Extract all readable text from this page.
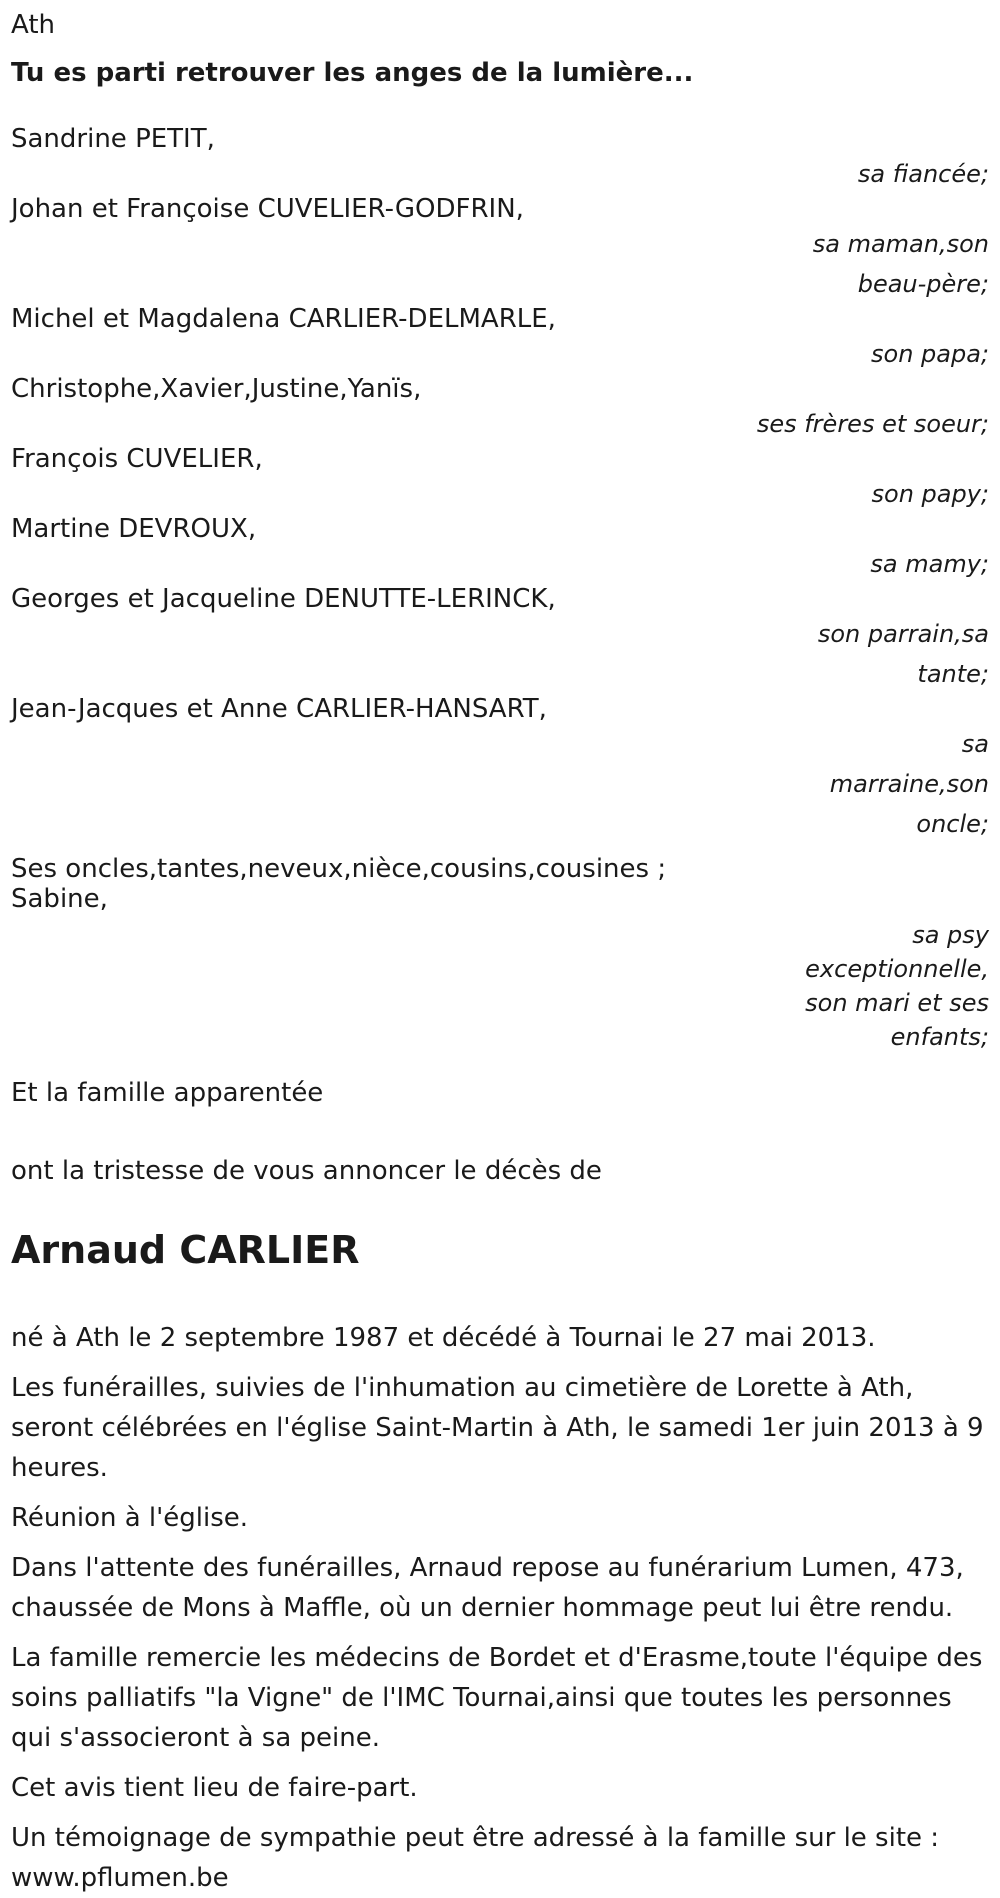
Ath
Tu es parti retrouver les anges de la lumière...
Sandrine PETIT,
sa fiancée;
Johan et Françoise CUVELIER-GODFRIN,
sa maman,son beau-père;
Michel et Magdalena CARLIER-DELMARLE,
son papa;
Christophe,Xavier,Justine,Yanïs,
ses frères et soeur;
François CUVELIER,
son papy;
Martine DEVROUX,
sa mamy;
Georges et Jacqueline DENUTTE-LERINCK,
son parrain,sa tante;
Jean-Jacques et Anne CARLIER-HANSART,
sa marraine,son oncle;
Ses oncles,tantes,neveux,nièce,cousins,cousines ;
Sabine,
sa psy exceptionnelle, son mari et ses enfants;
Et la famille apparentée
ont la tristesse de vous annoncer le décès de
Arnaud CARLIER
né à Ath le 2 septembre 1987 et décédé à Tournai le 27 mai 2013.
Les funérailles, suivies de l'inhumation au cimetière de Lorette à Ath, seront célébrées en l'église Saint-Martin à Ath, le samedi 1er juin 2013 à 9 heures.
Réunion à l'église.
Dans l'attente des funérailles, Arnaud repose au funérarium Lumen, 473, chaussée de Mons à Maffle, où un dernier hommage peut lui être rendu.
La famille remercie les médecins de Bordet et d'Erasme,toute l'équipe des soins palliatifs "la Vigne" de l'IMC Tournai,ainsi que toutes les personnes qui s'associeront à sa peine.
Cet avis tient lieu de faire-part.
Un témoignage de sympathie peut être adressé à la famille sur le site : www.pflumen.be
